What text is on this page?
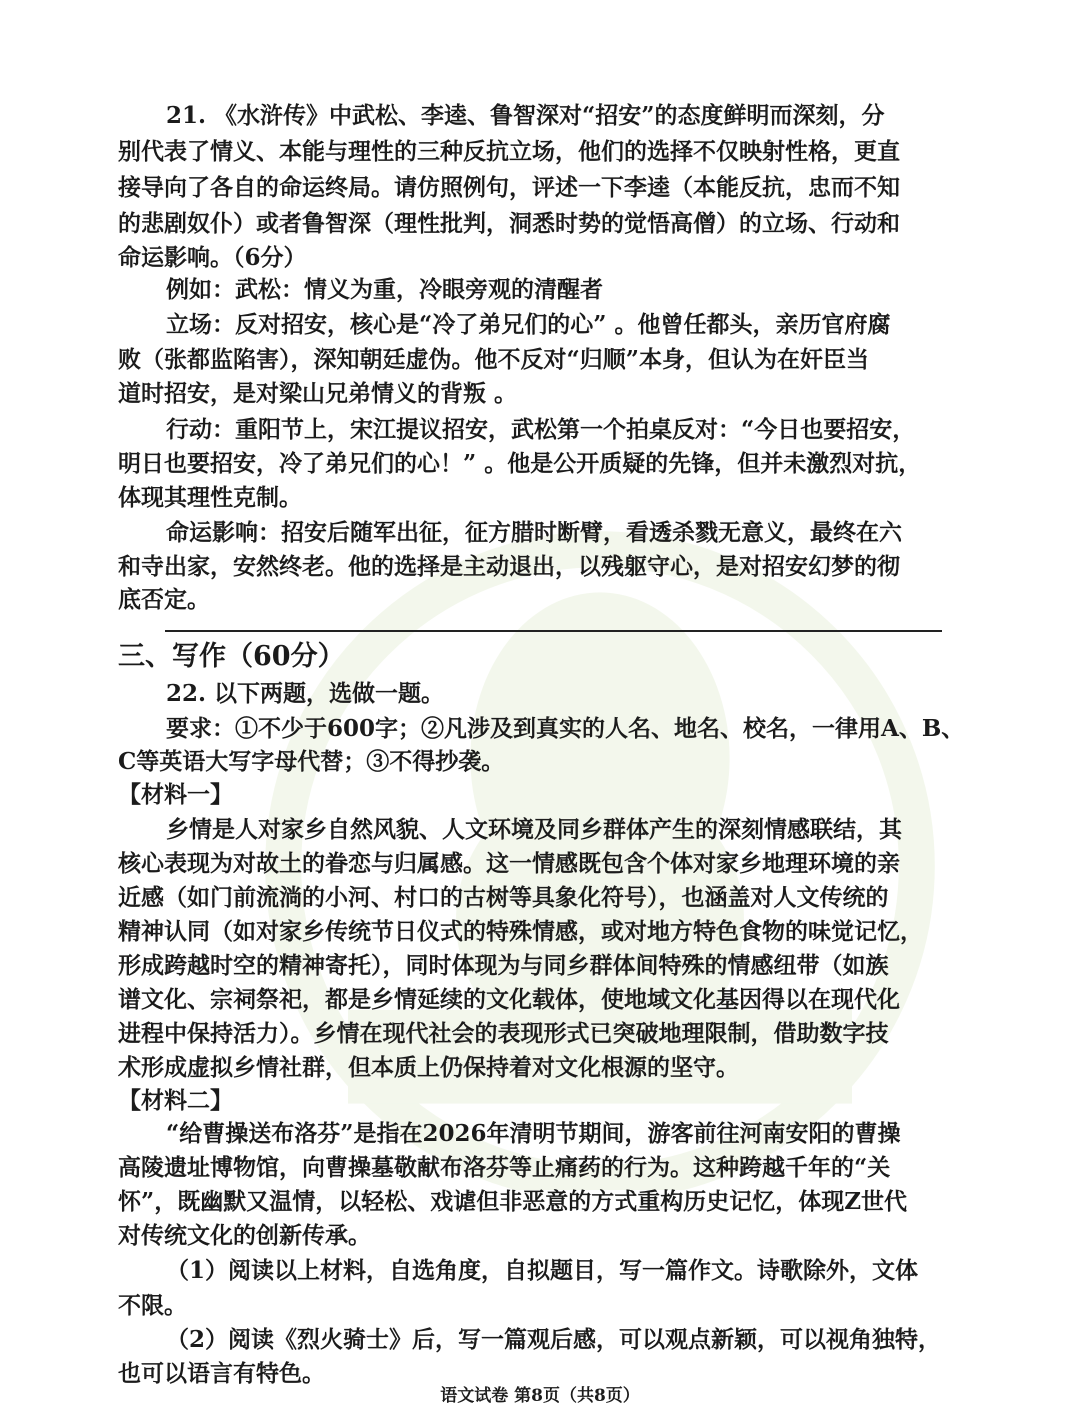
21. 《水浒传》中武松、李逵、鲁智深对“招安”的态度鲜明而深刻，分
别代表了情义、本能与理性的三种反抗立场，他们的选择不仅映射性格，更直
接导向了各自的命运终局。请仿照例句，评述一下李逵（本能反抗，忠而不知
的悲剧奴仆）或者鲁智深（理性批判，洞悉时势的觉悟高僧）的立场、行动和
命运影响。（6分）
例如：武松：情义为重，冷眼旁观的清醒者
立场：反对招安，核心是“冷了弟兄们的心” 。他曾任都头，亲历官府腐
败（张都监陷害），深知朝廷虚伪。他不反对“归顺”本身，但认为在奸臣当
道时招安，是对梁山兄弟情义的背叛 。
行动：重阳节上，宋江提议招安，武松第一个拍桌反对：“今日也要招安，
明日也要招安，冷了弟兄们的心！” 。他是公开质疑的先锋，但并未激烈对抗，
体现其理性克制。
命运影响：招安后随军出征，征方腊时断臂，看透杀戮无意义，最终在六
和寺出家，安然终老。他的选择是主动退出，以残躯守心，是对招安幻梦的彻
底否定。
三、写作（60分）
22. 以下两题，选做一题。
要求：①不少于600字；②凡涉及到真实的人名、地名、校名，一律用A、B、
C等英语大写字母代替；③不得抄袭。
【材料一】
乡情是人对家乡自然风貌、人文环境及同乡群体产生的深刻情感联结，其
核心表现为对故土的眷恋与归属感。这一情感既包含个体对家乡地理环境的亲
近感（如门前流淌的小河、村口的古树等具象化符号），也涵盖对人文传统的
精神认同（如对家乡传统节日仪式的特殊情感，或对地方特色食物的味觉记忆，
形成跨越时空的精神寄托），同时体现为与同乡群体间特殊的情感纽带（如族
谱文化、宗祠祭祀，都是乡情延续的文化载体，使地域文化基因得以在现代化
进程中保持活力）。乡情在现代社会的表现形式已突破地理限制，借助数字技
术形成虚拟乡情社群，但本质上仍保持着对文化根源的坚守。
【材料二】
“给曹操送布洛芬”是指在2026年清明节期间，游客前往河南安阳的曹操
高陵遗址博物馆，向曹操墓敬献布洛芬等止痛药的行为。这种跨越千年的“关
怀”，既幽默又温情，以轻松、戏谑但非恶意的方式重构历史记忆，体现Z世代
对传统文化的创新传承。
（1）阅读以上材料，自选角度，自拟题目，写一篇作文。诗歌除外，文体
不限。
（2）阅读《烈火骑士》后，写一篇观后感，可以观点新颖，可以视角独特，
也可以语言有特色。
语文试卷 第8页（共8页）
